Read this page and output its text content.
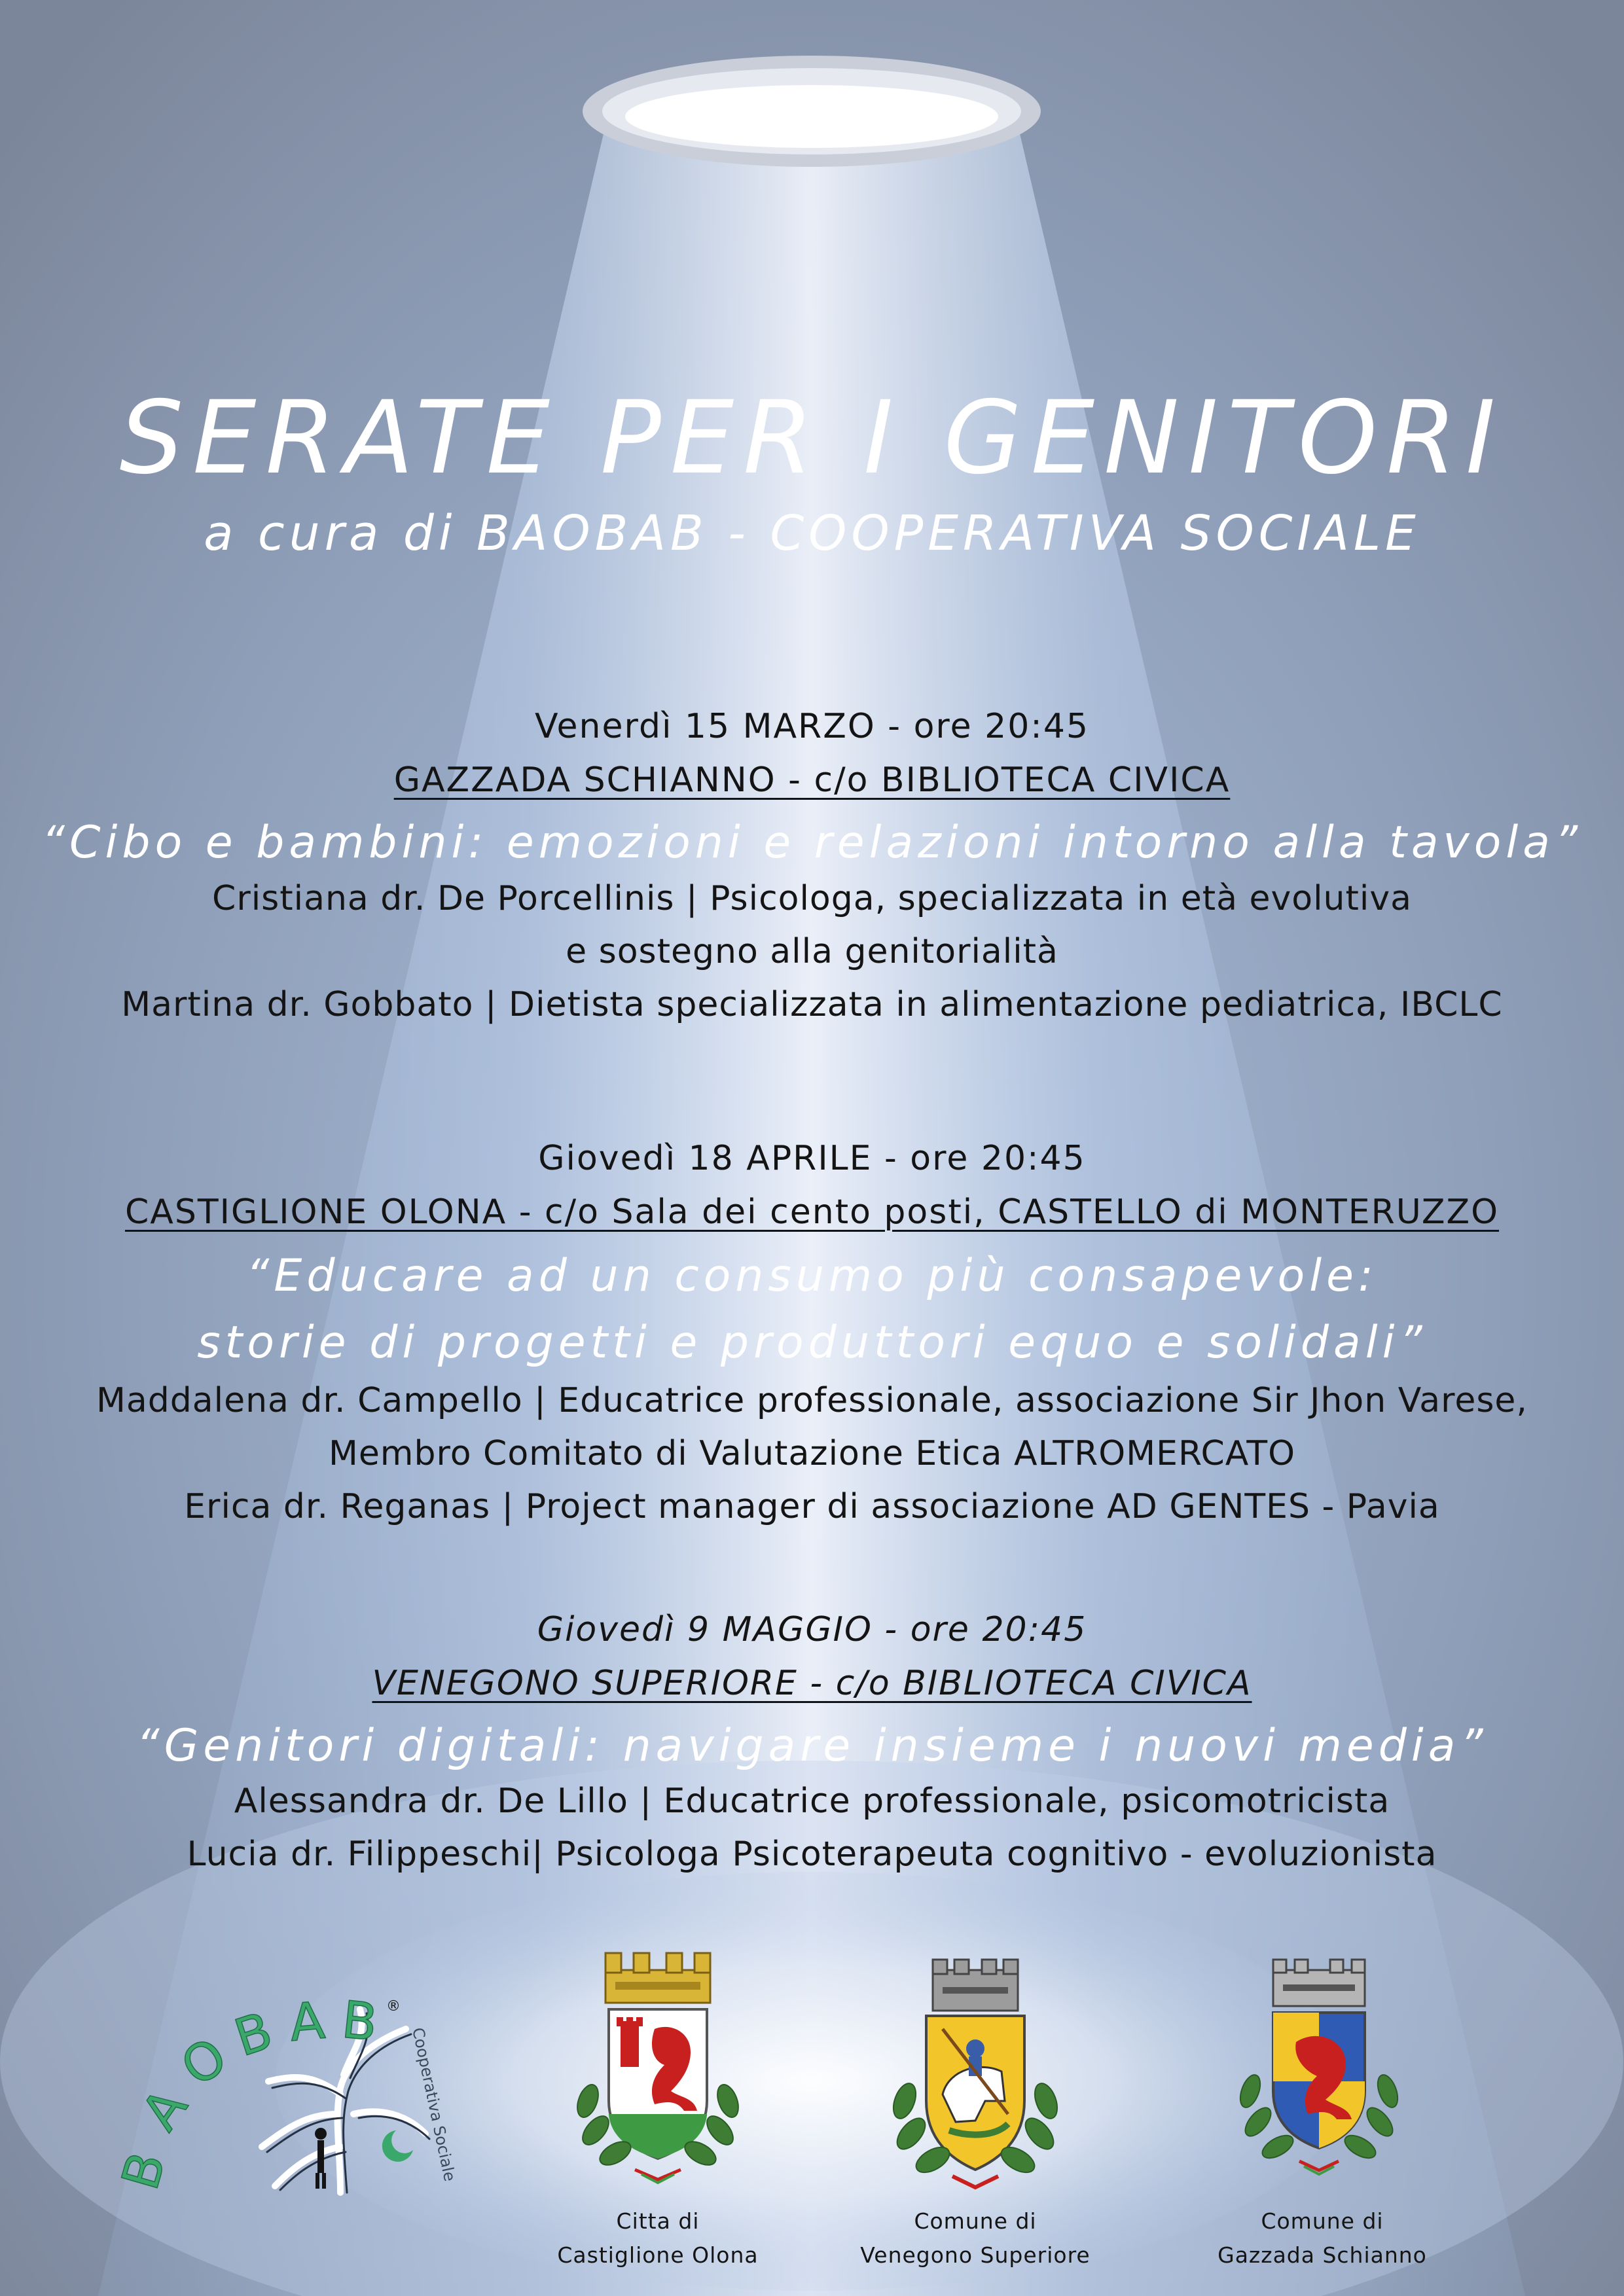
SERATE PER I GENITORI
a cura di BAOBAB - COOPERATIVA SOCIALE
Venerdì 15 MARZO - ore 20:45
GAZZADA SCHIANNO - c/o BIBLIOTECA CIVICA
“Cibo e bambini: emozioni e relazioni intorno alla tavola”
Cristiana dr. De Porcellinis | Psicologa, specializzata in età evolutiva
e sostegno alla genitorialità
Martina dr. Gobbato | Dietista specializzata in alimentazione pediatrica, IBCLC
Giovedì 18 APRILE - ore 20:45
CASTIGLIONE OLONA - c/o Sala dei cento posti, CASTELLO di MONTERUZZO
“Educare ad un consumo più consapevole:
storie di progetti e produttori equo e solidali”
Maddalena dr. Campello | Educatrice professionale, associazione Sir Jhon Varese,
Membro Comitato di Valutazione Etica ALTROMERCATO
Erica dr. Reganas | Project manager di associazione AD GENTES - Pavia
Giovedì 9 MAGGIO - ore 20:45
VENEGONO SUPERIORE - c/o BIBLIOTECA CIVICA
“Genitori digitali: navigare insieme i nuovi media”
Alessandra dr. De Lillo | Educatrice professionale, psicomotricista
Lucia dr. Filippeschi| Psicologa Psicoterapeuta cognitivo - evoluzionista
B
A
O
B A B ®
Cooperativa Sociale
Citta di
Castiglione Olona
Comune di
Venegono Superiore
Comune di
Gazzada Schianno
